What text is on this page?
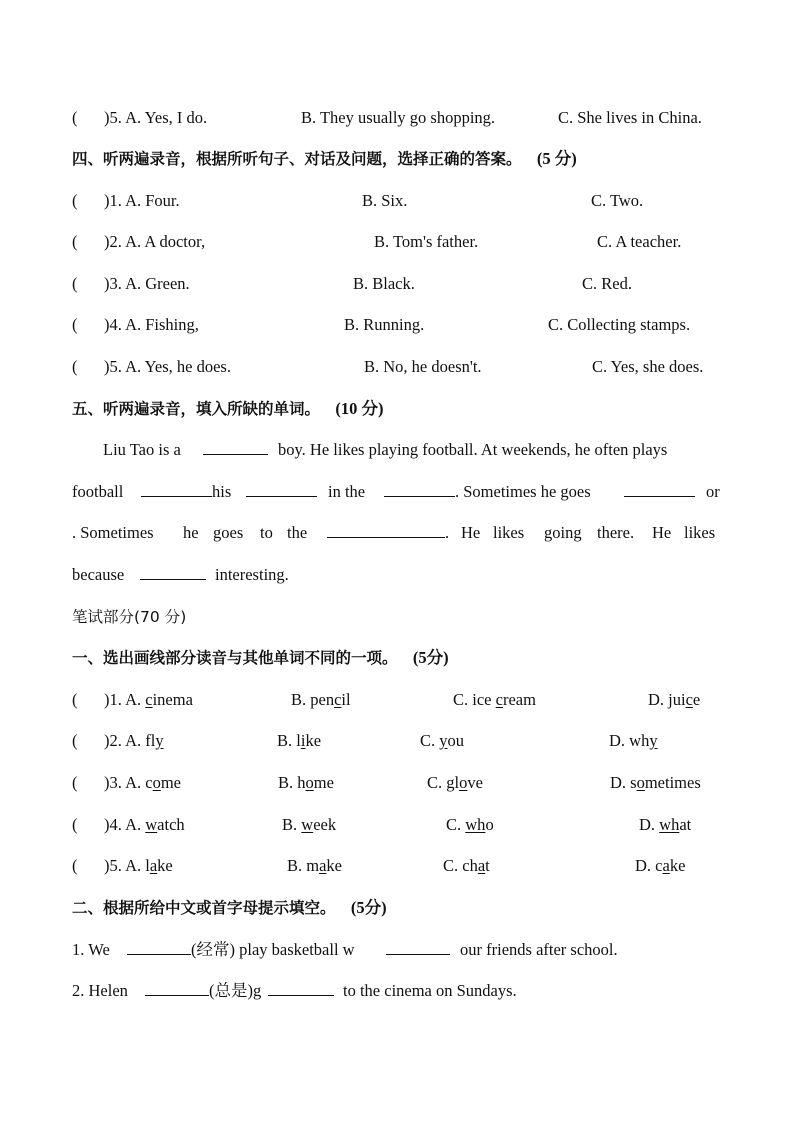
( )5. A. Yes, I do.	B. They usually go shopping.	C. She lives in China.
四、听两遍录音，根据所听句子、对话及问题，选择正确的答案。 (5 分)
( )1. A. Four.	B. Six.	C. Two.
( )2. A. A doctor,	B. Tom's father.	C. A teacher.
( )3. A. Green.	B. Black.	C. Red.
( )4. A. Fishing,	B. Running.	C. Collecting stamps.
( )5. A. Yes, he does.	B. No, he doesn't.	C. Yes, she does.
五、听两遍录音，填入所缺的单词。 (10 分)
Liu Tao is a	boy. He likes playing football. At weekends, he often plays
football	his	in the	. Sometimes he goes	or
. Sometimes he goes to the	. He likes going there. He likes
because	interesting.
笔试部分(70 分)
一、选出画线部分读音与其他单词不同的一项。 (5分)
( )1. A. cinema	B. pencil	C. ice cream	D. juice
( )2. A. fly	B. like	C. you	D. why
( )3. A. come	B. home	C. glove	D. sometimes
( )4. A. watch	B. week	C. who	D. what
( )5. A. lake	B. make	C. chat	D. cake
二、根据所给中文或首字母提示填空。 (5分)
1. We	(经常) play basketball w	our friends after school.
2. Helen	(总是)g	to the cinema on Sundays.
